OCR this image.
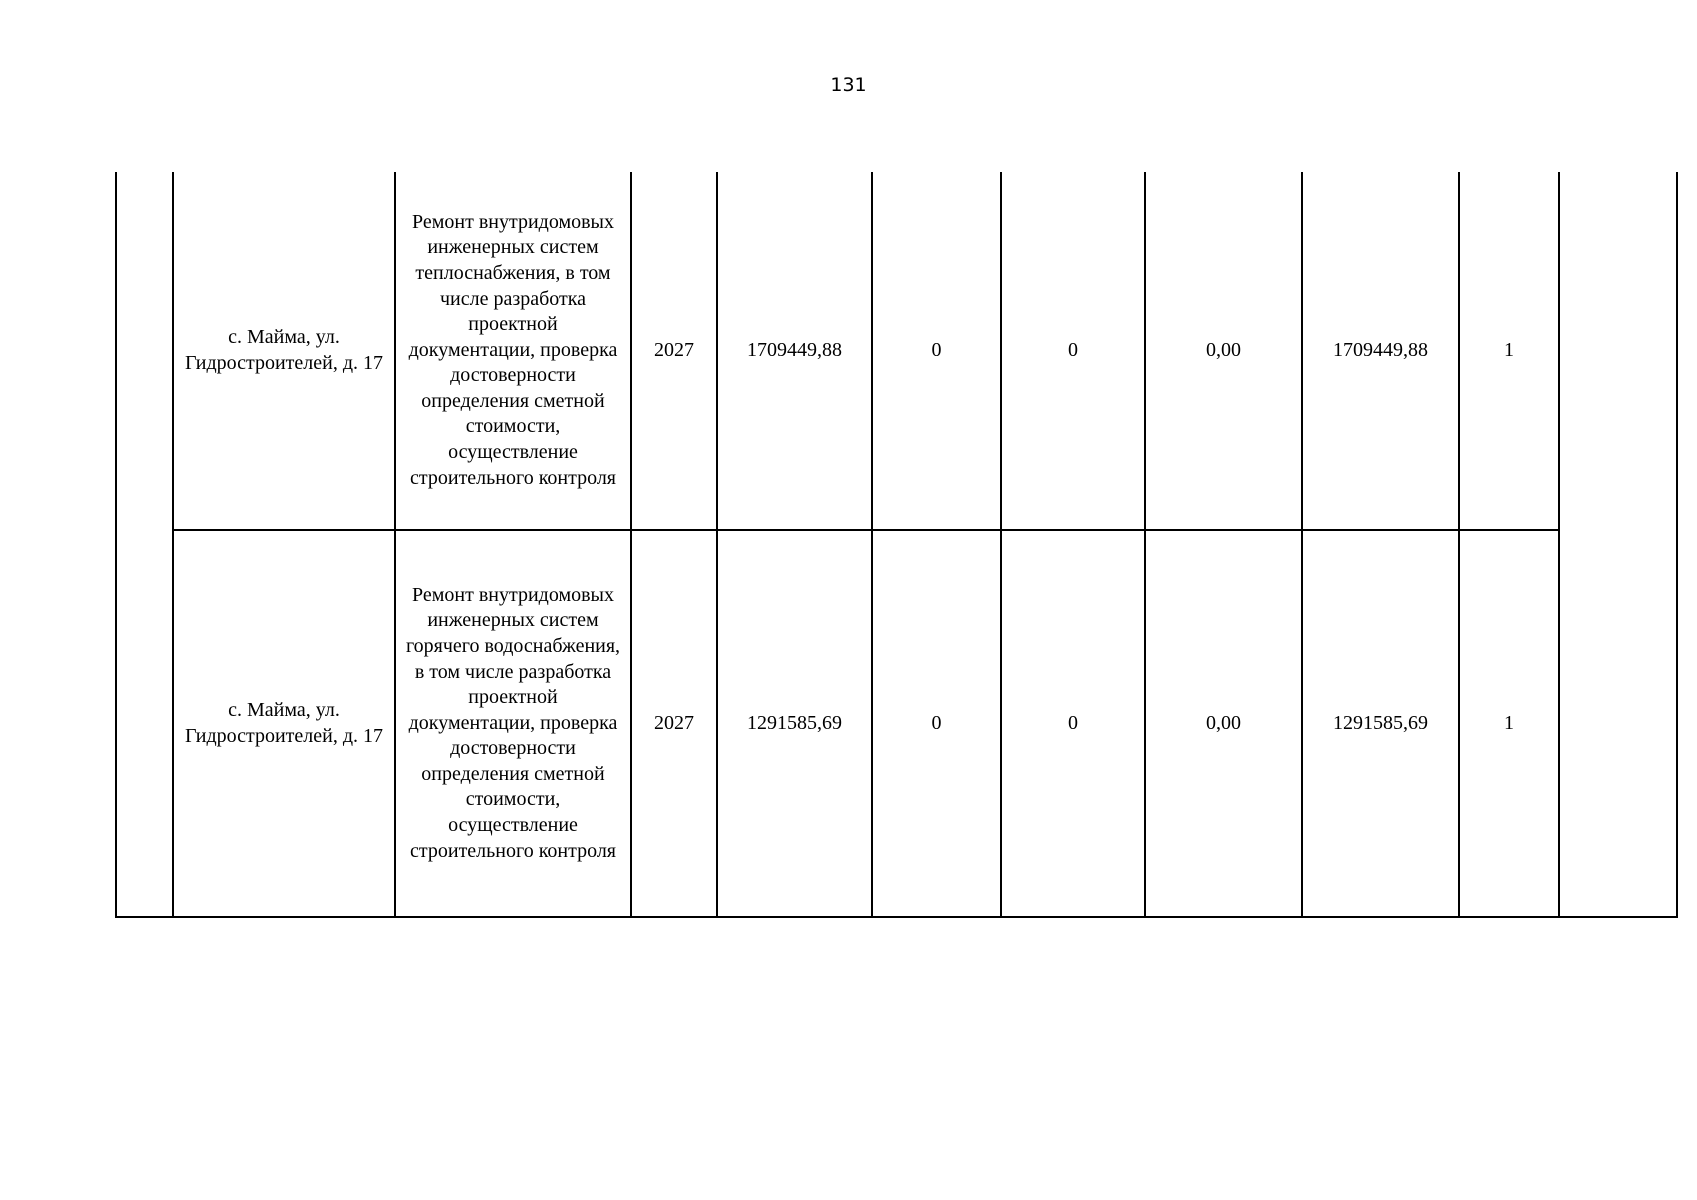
131
	с. Майма, ул. Гидростроителей, д. 17	Ремонт внутридомовых инженерных систем теплоснабжения, в том числе разработка проектной документации, проверка достоверности определения сметной стоимости, осуществление строительного контроля	2027	1709449,88	0	0	0,00	1709449,88	1	
	с. Майма, ул. Гидростроителей, д. 17	Ремонт внутридомовых инженерных систем горячего водоснабжения, в том числе разработка проектной документации, проверка достоверности определения сметной стоимости, осуществление строительного контроля	2027	1291585,69	0	0	0,00	1291585,69	1	
